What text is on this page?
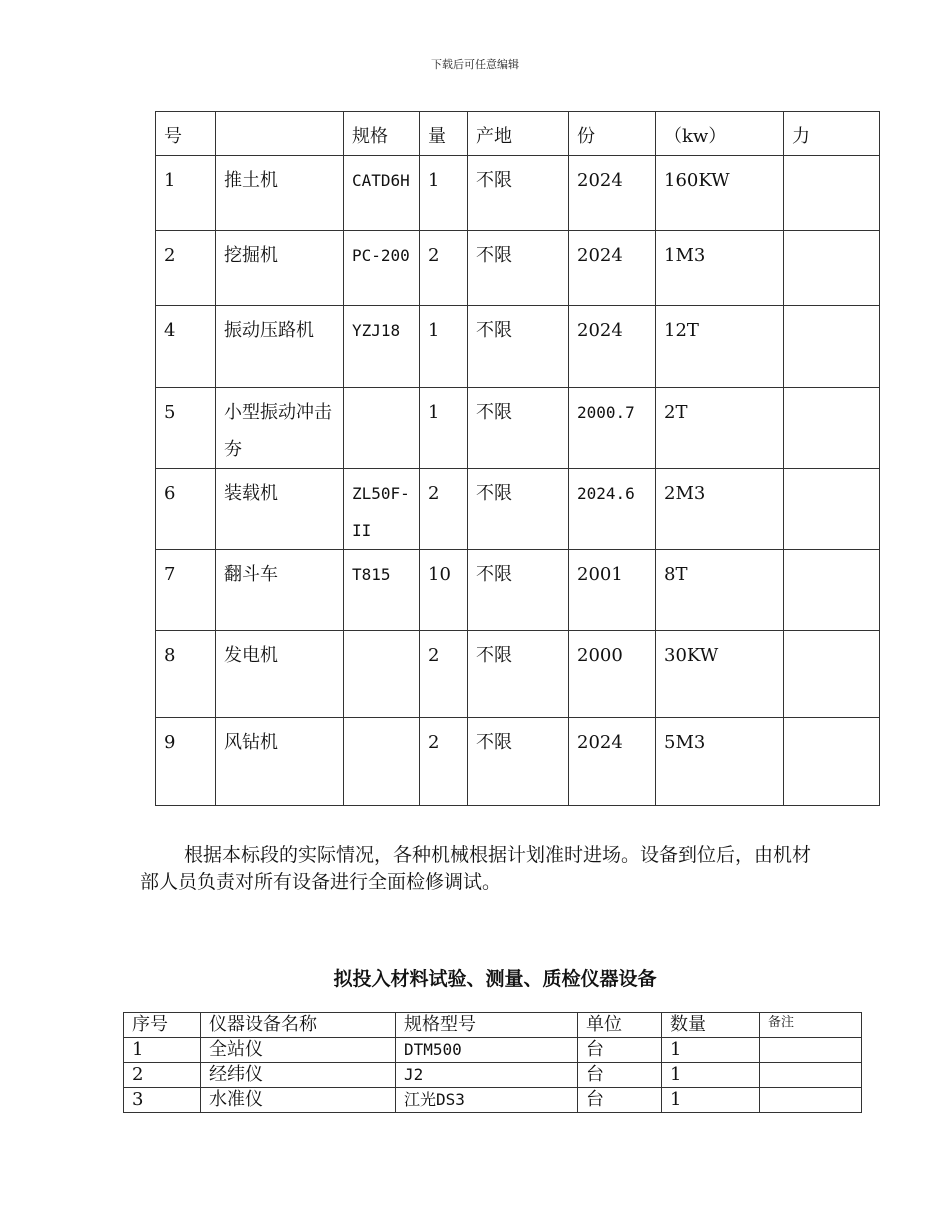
下载后可任意编辑
号		规格	量	产地	份	（kw）	力
1	推土机	CATD6H	1	不限	2024	160KW	
2	挖掘机	PC-200	2	不限	2024	1M3	
4	振动压路机	YZJ18	1	不限	2024	12T	
5	小型振动冲击夯		1	不限	2000.7	2T	
6	装载机	ZL50F-II	2	不限	2024.6	2M3	
7	翻斗车	T815	10	不限	2001	8T	
8	发电机		2	不限	2000	30KW	
9	风钻机		2	不限	2024	5M3	
根据本标段的实际情况，各种机械根据计划准时进场。设备到位后，由机材部人员负责对所有设备进行全面检修调试。
拟投入材料试验、测量、质检仪器设备
序号	仪器设备名称	规格型号	单位	数量	备注
1	全站仪	DTM500	台	1	
2	经纬仪	J2	台	1	
3	水准仪	江光DS3	台	1	
